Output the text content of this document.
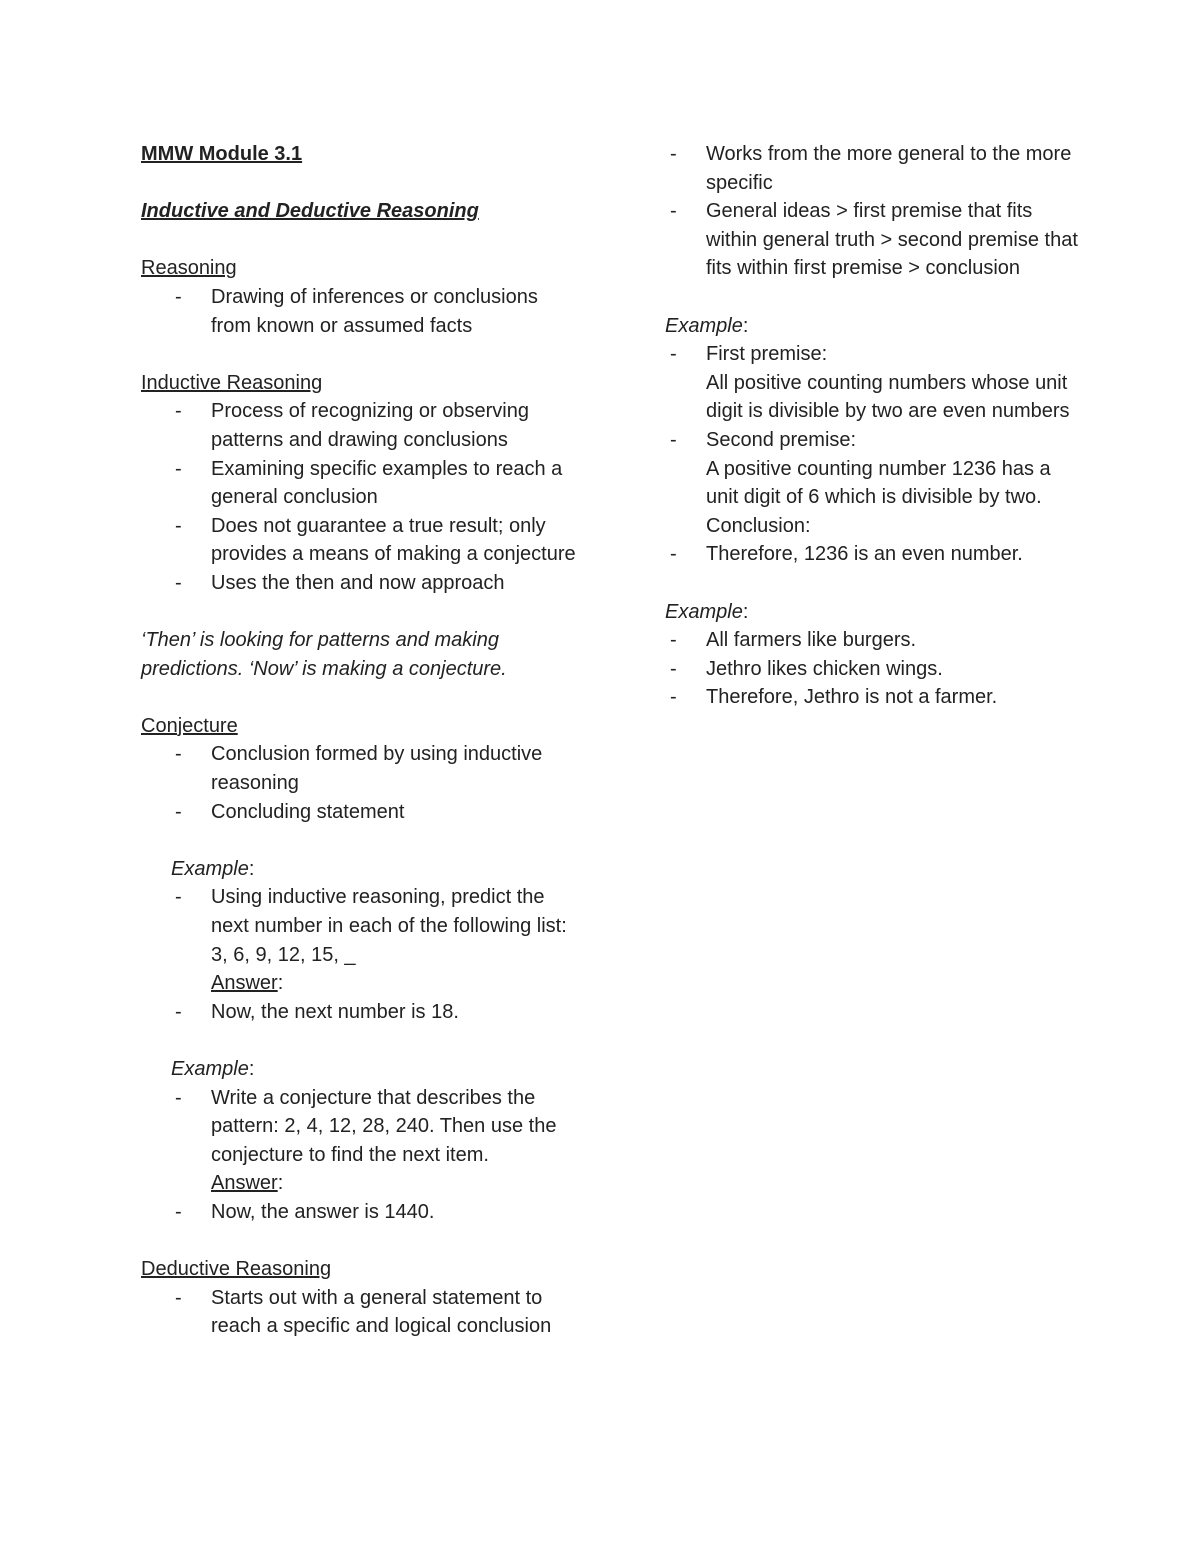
MMW Module 3.1

Inductive and Deductive Reasoning

Reasoning

- Drawing of inferences or conclusions from known or assumed facts

Inductive Reasoning

- Process of recognizing or observing patterns and drawing conclusions
- Examining specific examples to reach a general conclusion
- Does not guarantee a true result; only provides a means of making a conjecture
- Uses the then and now approach

‘Then’ is looking for patterns and making predictions. ‘Now’ is making a conjecture.

Conjecture

- Conclusion formed by using inductive reasoning
- Concluding statement

Example:

- Using inductive reasoning, predict the next number in each of the following list: 3, 6, 9, 12, 15, _

Answer:

- Now, the next number is 18.

Example:

- Write a conjecture that describes the pattern: 2, 4, 12, 28, 240. Then use the conjecture to find the next item.

Answer:

- Now, the answer is 1440.

Deductive Reasoning

- Starts out with a general statement to reach a specific and logical conclusion
- Works from the more general to the more specific
- General ideas > first premise that fits within general truth > second premise that fits within first premise > conclusion

Example:

- First premise:
All positive counting numbers whose unit digit is divisible by two are even numbers
- Second premise:
A positive counting number 1236 has a unit digit of 6 which is divisible by two.
Conclusion:
- Therefore, 1236 is an even number.

Example:

- All farmers like burgers.
- Jethro likes chicken wings.
- Therefore, Jethro is not a farmer.
